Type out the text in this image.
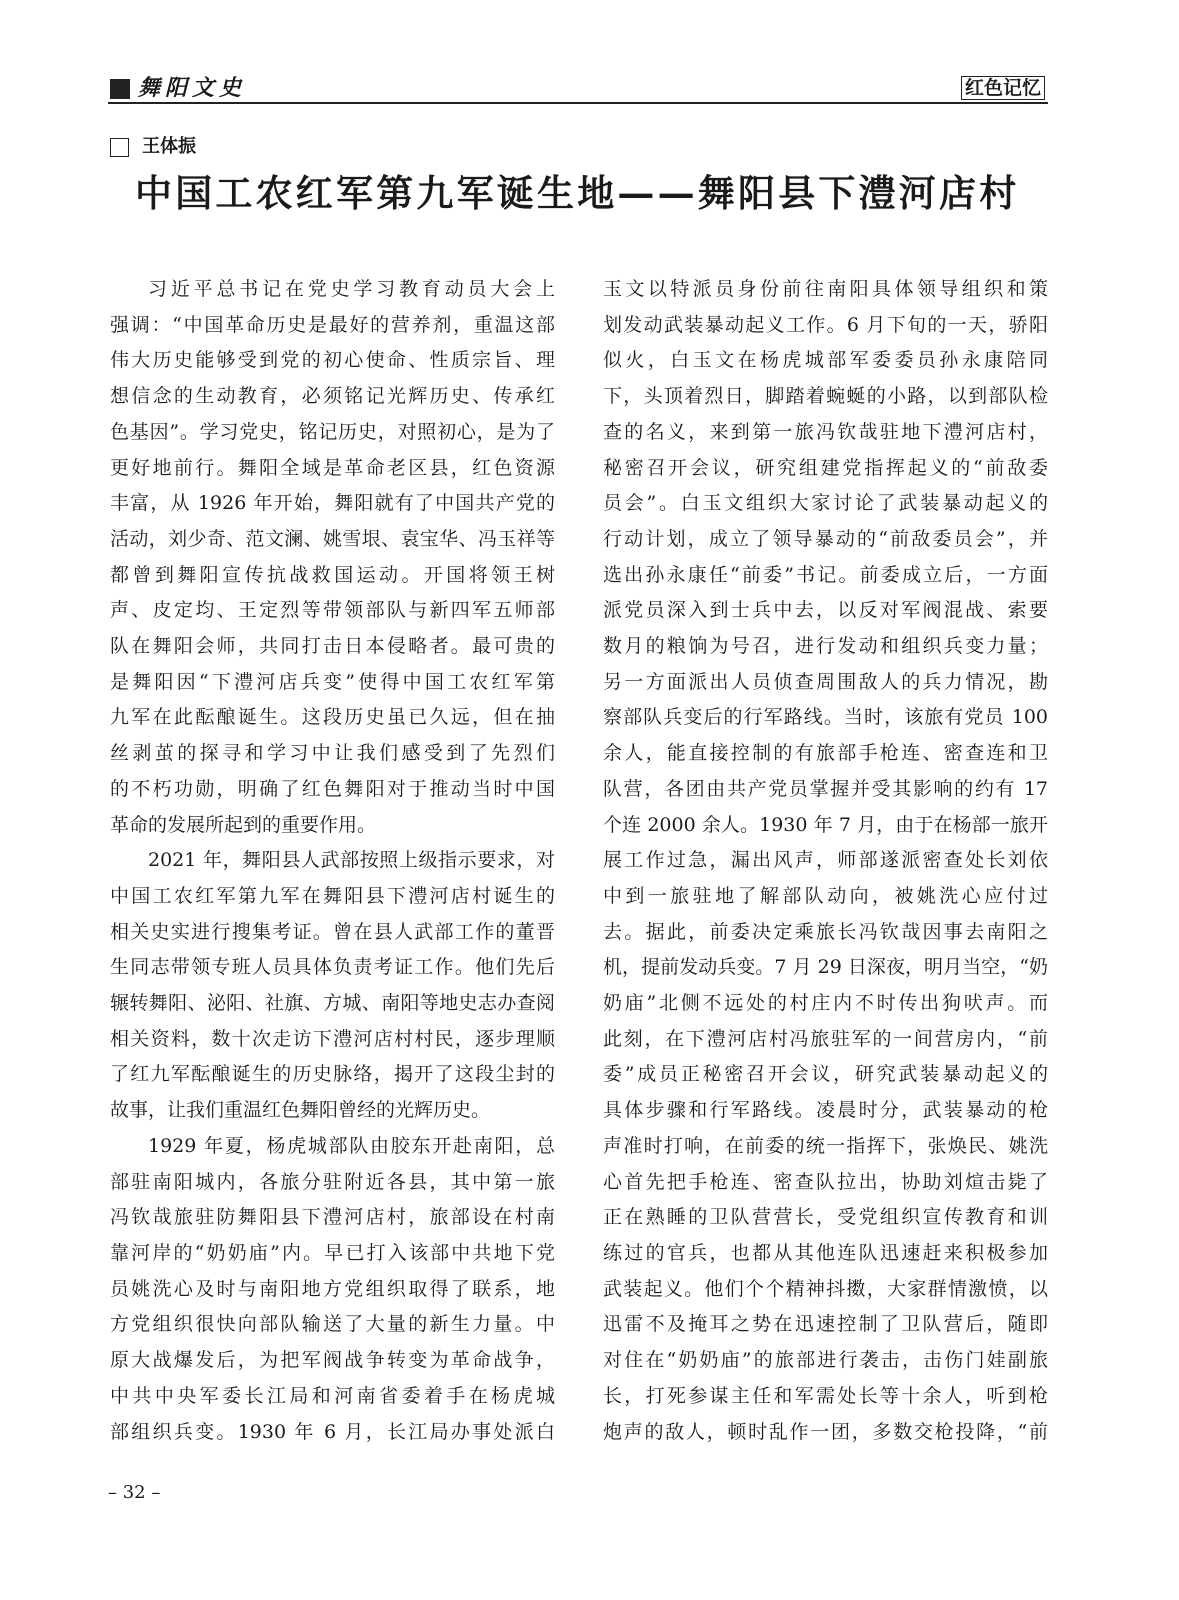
舞阳文史	红色记忆
王体振
中国工农红军第九军诞生地——舞阳县下澧河店村
习近平总书记在党史学习教育动员大会上
强调：“中国革命历史是最好的营养剂，重温这部
伟大历史能够受到党的初心使命、性质宗旨、理
想信念的生动教育，必须铭记光辉历史、传承红
色基因”。学习党史，铭记历史，对照初心，是为了
更好地前行。舞阳全域是革命老区县，红色资源
丰富，从 1926 年开始，舞阳就有了中国共产党的
活动，刘少奇、范文澜、姚雪垠、袁宝华、冯玉祥等
都曾到舞阳宣传抗战救国运动。开国将领王树
声、皮定均、王定烈等带领部队与新四军五师部
队在舞阳会师，共同打击日本侵略者。最可贵的
是舞阳因“下澧河店兵变”使得中国工农红军第
九军在此酝酿诞生。这段历史虽已久远，但在抽
丝剥茧的探寻和学习中让我们感受到了先烈们
的不朽功勋，明确了红色舞阳对于推动当时中国
革命的发展所起到的重要作用。
2021 年，舞阳县人武部按照上级指示要求，对
中国工农红军第九军在舞阳县下澧河店村诞生的
相关史实进行搜集考证。曾在县人武部工作的董晋
生同志带领专班人员具体负责考证工作。他们先后
辗转舞阳、泌阳、社旗、方城、南阳等地史志办查阅
相关资料，数十次走访下澧河店村村民，逐步理顺
了红九军酝酿诞生的历史脉络，揭开了这段尘封的
故事，让我们重温红色舞阳曾经的光辉历史。
1929 年夏，杨虎城部队由胶东开赴南阳，总
部驻南阳城内，各旅分驻附近各县，其中第一旅
冯钦哉旅驻防舞阳县下澧河店村，旅部设在村南
靠河岸的“奶奶庙”内。早已打入该部中共地下党
员姚洗心及时与南阳地方党组织取得了联系，地
方党组织很快向部队输送了大量的新生力量。中
原大战爆发后，为把军阀战争转变为革命战争，
中共中央军委长江局和河南省委着手在杨虎城
部组织兵变。1930 年 6 月，长江局办事处派白
玉文以特派员身份前往南阳具体领导组织和策
划发动武装暴动起义工作。6 月下旬的一天，骄阳
似火，白玉文在杨虎城部军委委员孙永康陪同
下，头顶着烈日，脚踏着蜿蜒的小路，以到部队检
查的名义，来到第一旅冯钦哉驻地下澧河店村，
秘密召开会议，研究组建党指挥起义的“前敌委
员会”。白玉文组织大家讨论了武装暴动起义的
行动计划，成立了领导暴动的“前敌委员会”，并
选出孙永康任“前委”书记。前委成立后，一方面
派党员深入到士兵中去，以反对军阀混战、索要
数月的粮饷为号召，进行发动和组织兵变力量；
另一方面派出人员侦查周围敌人的兵力情况，勘
察部队兵变后的行军路线。当时，该旅有党员 100
余人，能直接控制的有旅部手枪连、密查连和卫
队营，各团由共产党员掌握并受其影响的约有 17
个连 2000 余人。1930 年 7 月，由于在杨部一旅开
展工作过急，漏出风声，师部遂派密查处长刘依
中到一旅驻地了解部队动向，被姚洗心应付过
去。据此，前委决定乘旅长冯钦哉因事去南阳之
机，提前发动兵变。7 月 29 日深夜，明月当空，“奶
奶庙”北侧不远处的村庄内不时传出狗吠声。而
此刻，在下澧河店村冯旅驻军的一间营房内，“前
委”成员正秘密召开会议，研究武装暴动起义的
具体步骤和行军路线。凌晨时分，武装暴动的枪
声准时打响，在前委的统一指挥下，张焕民、姚洗
心首先把手枪连、密查队拉出，协助刘煊击毙了
正在熟睡的卫队营营长，受党组织宣传教育和训
练过的官兵，也都从其他连队迅速赶来积极参加
武装起义。他们个个精神抖擞，大家群情激愤，以
迅雷不及掩耳之势在迅速控制了卫队营后，随即
对住在“奶奶庙”的旅部进行袭击，击伤门娃副旅
长，打死参谋主任和军需处长等十余人，听到枪
炮声的敌人，顿时乱作一团，多数交枪投降，“前
– 32 –
